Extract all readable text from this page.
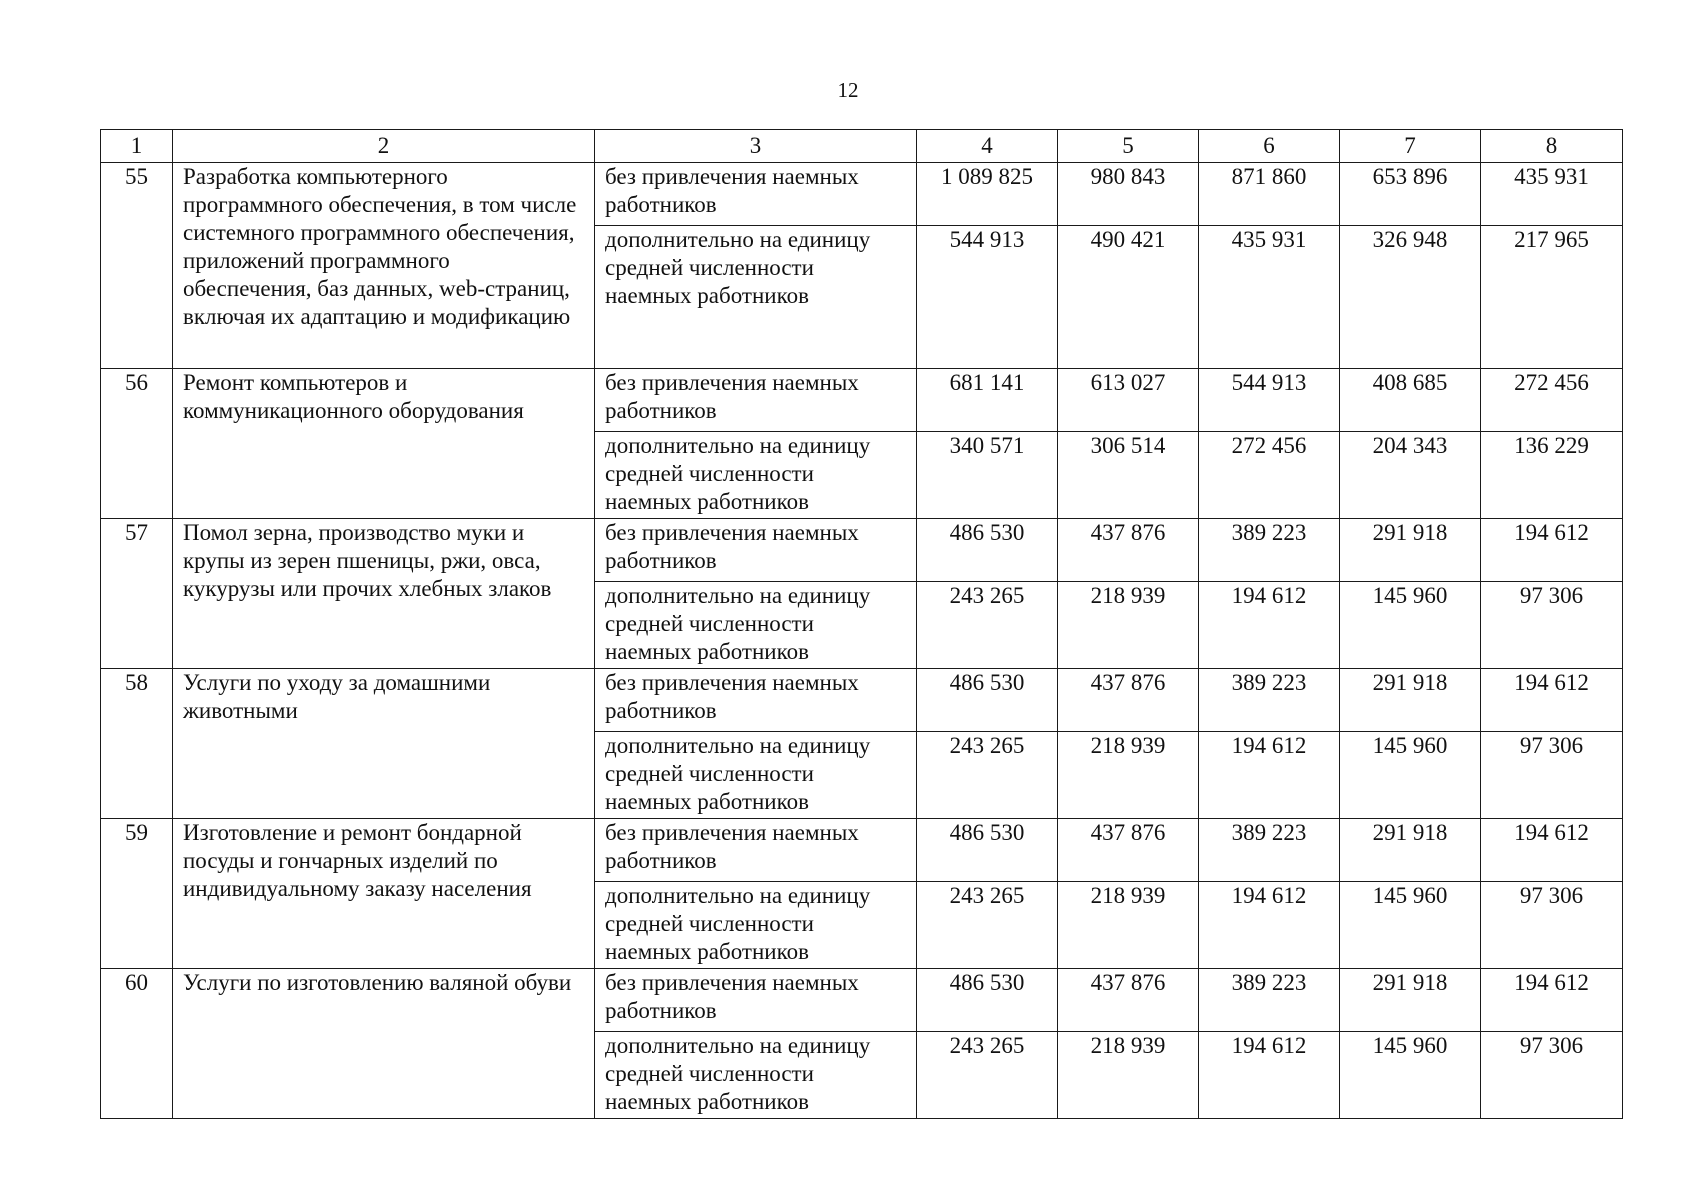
12
1	2	3	4	5	6	7	8
55	Разработка компьютерного программного обеспечения, в том числе системного программного обеспечения, приложений программного обеспечения, баз данных, web-страниц, включая их адаптацию и модификацию	без привлечения наемных работников	1 089 825	980 843	871 860	653 896	435 931
		дополнительно на единицу средней численности наемных работников	544 913	490 421	435 931	326 948	217 965
56	Ремонт компьютеров и коммуникационного оборудования	без привлечения наемных работников	681 141	613 027	544 913	408 685	272 456
		дополнительно на единицу средней численности наемных работников	340 571	306 514	272 456	204 343	136 229
57	Помол зерна, производство муки и крупы из зерен пшеницы, ржи, овса, кукурузы или прочих хлебных злаков	без привлечения наемных работников	486 530	437 876	389 223	291 918	194 612
		дополнительно на единицу средней численности наемных работников	243 265	218 939	194 612	145 960	97 306
58	Услуги по уходу за домашними животными	без привлечения наемных работников	486 530	437 876	389 223	291 918	194 612
		дополнительно на единицу средней численности наемных работников	243 265	218 939	194 612	145 960	97 306
59	Изготовление и ремонт бондарной посуды и гончарных изделий по индивидуальному заказу населения	без привлечения наемных работников	486 530	437 876	389 223	291 918	194 612
		дополнительно на единицу средней численности наемных работников	243 265	218 939	194 612	145 960	97 306
60	Услуги по изготовлению валяной обуви	без привлечения наемных работников	486 530	437 876	389 223	291 918	194 612
		дополнительно на единицу средней численности наемных работников	243 265	218 939	194 612	145 960	97 306
